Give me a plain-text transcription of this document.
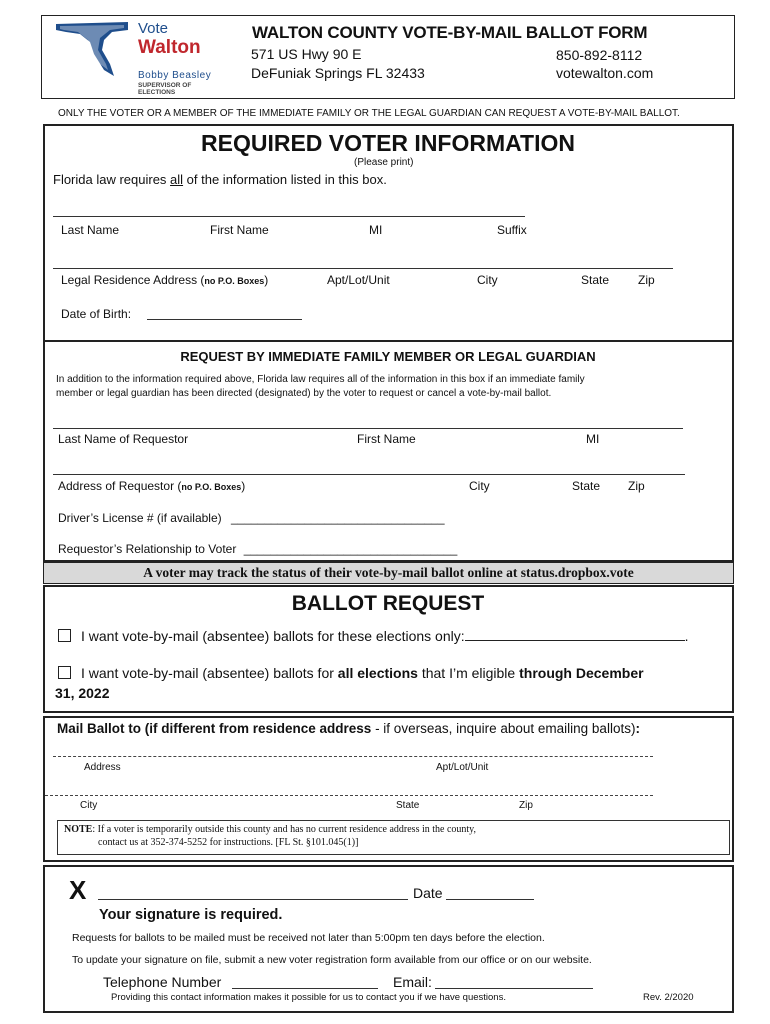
Vote
Walton
Bobby Beasley
SUPERVISOR OF ELECTIONS
WALTON COUNTY VOTE-BY-MAIL BALLOT FORM
571 US Hwy 90 E
DeFuniak Springs FL 32433
850-892-8112
votewalton.com
ONLY THE VOTER OR A MEMBER OF THE IMMEDIATE FAMILY OR THE LEGAL GUARDIAN CAN REQUEST A VOTE-BY-MAIL BALLOT.
REQUIRED VOTER INFORMATION
(Please print)
Florida law requires all of the information listed in this box.
Last Name	First Name	MI	Suffix
Legal Residence Address (no P.O. Boxes)	Apt/Lot/Unit	City	State Zip
Date of Birth:
REQUEST BY IMMEDIATE FAMILY MEMBER OR LEGAL GUARDIAN
In addition to the information required above, Florida law requires all of the information in this box if an immediate family
member or legal guardian has been directed (designated) by the voter to request or cancel a vote-by-mail ballot.
Last Name of Requestor	First Name	MI
Address of Requestor (no P.O. Boxes)	City	State Zip
Driver’s License # (if available) ________________________________
Requestor’s Relationship to Voter ________________________________
A voter may track the status of their vote-by-mail ballot online at status.dropbox.vote
BALLOT REQUEST
I want vote-by-mail (absentee) ballots for these elections only:	.
I want vote-by-mail (absentee) ballots for all elections that I’m eligible through December
31, 2022
Mail Ballot to (if different from residence address - if overseas, inquire about emailing ballots):
Address	Apt/Lot/Unit
City	State	Zip
NOTE: If a voter is temporarily outside this county and has no current residence address in the county,
contact us at 352-374-5252 for instructions. [FL St. §101.045(1)]
X	Date
Your signature is required.
Requests for ballots to be mailed must be received not later than 5:00pm ten days before the election.
To update your signature on file, submit a new voter registration form available from our office or on our website.
Telephone Number	Email:
Providing this contact information makes it possible for us to contact you if we have questions.	Rev. 2/2020
